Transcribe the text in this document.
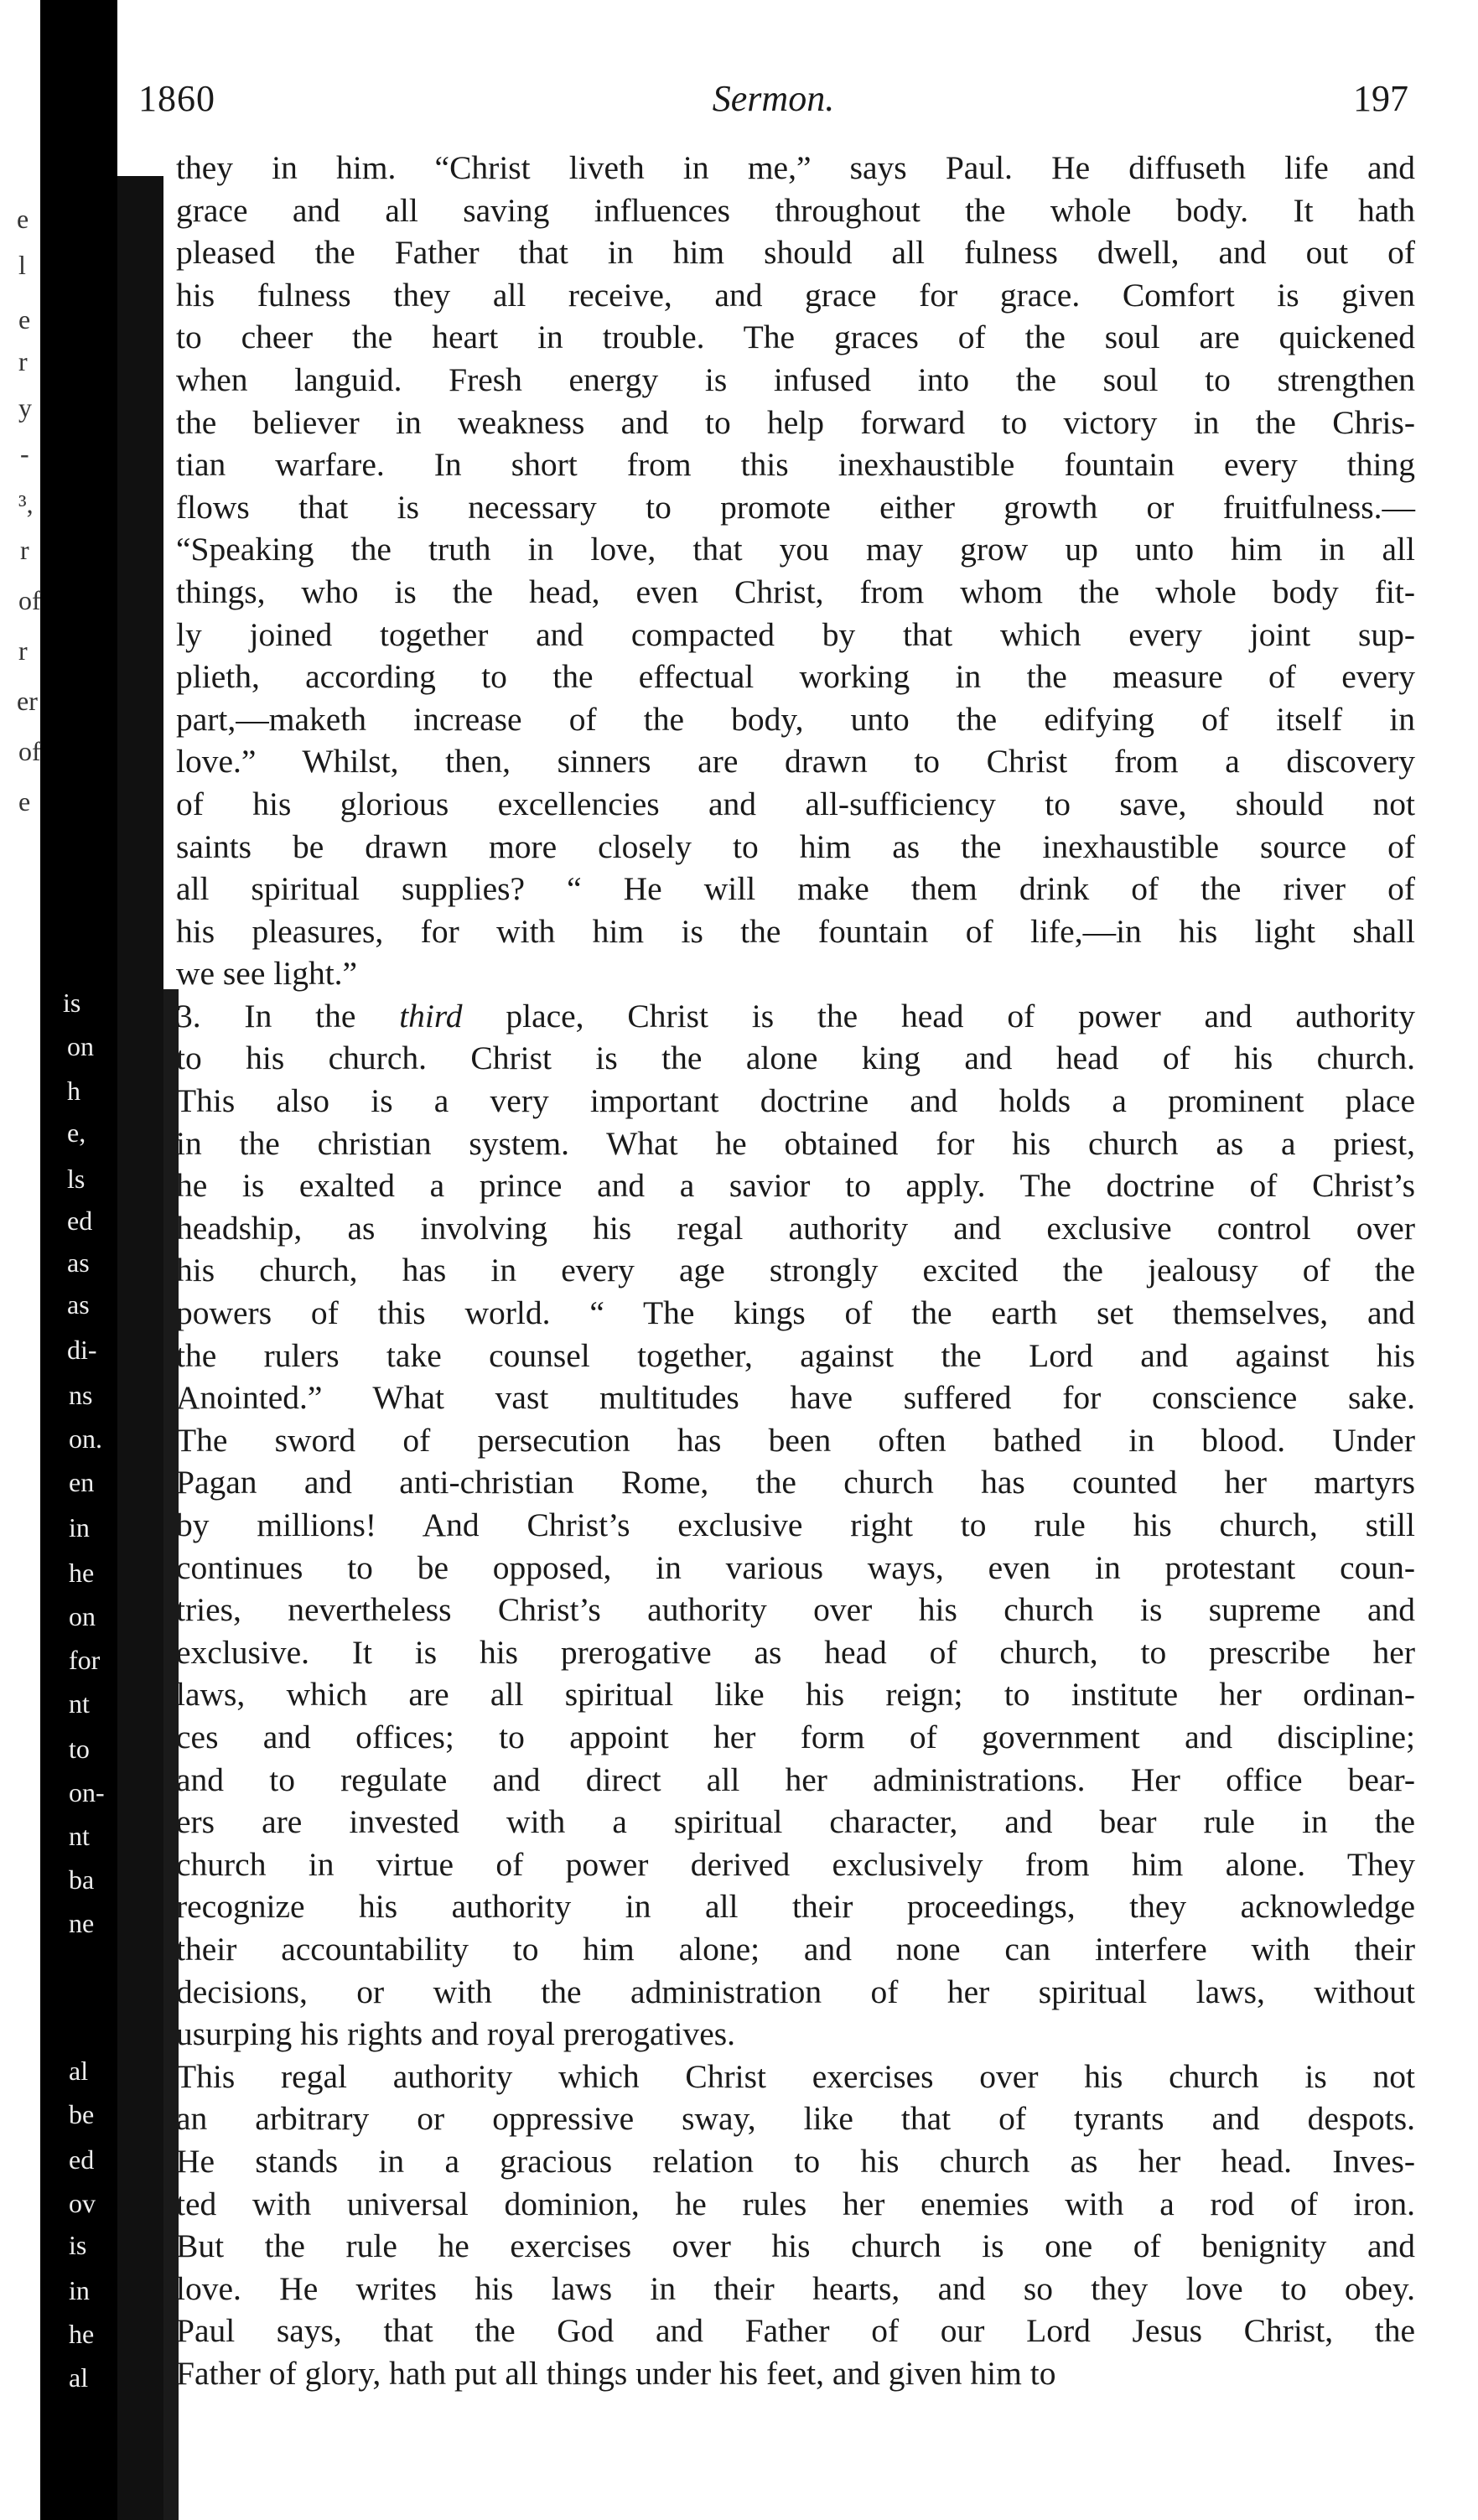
e
l
e
r
y
-
³,
r
of
r
er
of
e
is
on
h
e,
ls
ed
as
as
di-
ns
on.
en
in
he
on
for
nt
to
on-
nt
ba
ne
al
be
ed
ov
is
in
he
al
1860	Sermon.	197
they in him. “Christ liveth in me,” says Paul. He diffuseth life and
grace and all saving influences throughout the whole body. It hath
pleased the Father that in him should all fulness dwell, and out of
his fulness they all receive, and grace for grace. Comfort is given
to cheer the heart in trouble. The graces of the soul are quickened
when languid. Fresh energy is infused into the soul to strengthen
the believer in weakness and to help forward to victory in the Chris-
tian warfare. In short from this inexhaustible fountain every thing
flows that is necessary to promote either growth or fruitfulness.—
“Speaking the truth in love, that you may grow up unto him in all
things, who is the head, even Christ, from whom the whole body fit-
ly joined together and compacted by that which every joint sup-
plieth, according to the effectual working in the measure of every
part,—maketh increase of the body, unto the edifying of itself in
love.” Whilst, then, sinners are drawn to Christ from a discovery
of his glorious excellencies and all-sufficiency to save, should not
saints be drawn more closely to him as the inexhaustible source of
all spiritual supplies? “ He will make them drink of the river of
his pleasures, for with him is the fountain of life,—in his light shall
we see light.”
3. In the third place, Christ is the head of power and authority
to his church. Christ is the alone king and head of his church.
This also is a very important doctrine and holds a prominent place
in the christian system. What he obtained for his church as a priest,
he is exalted a prince and a savior to apply. The doctrine of Christ’s
headship, as involving his regal authority and exclusive control over
his church, has in every age strongly excited the jealousy of the
powers of this world. “ The kings of the earth set themselves, and
the rulers take counsel together, against the Lord and against his
Anointed.” What vast multitudes have suffered for conscience sake.
The sword of persecution has been often bathed in blood. Under
Pagan and anti-christian Rome, the church has counted her martyrs
by millions! And Christ’s exclusive right to rule his church, still
continues to be opposed, in various ways, even in protestant coun-
tries, nevertheless Christ’s authority over his church is supreme and
exclusive. It is his prerogative as head of church, to prescribe her
laws, which are all spiritual like his reign; to institute her ordinan-
ces and offices; to appoint her form of government and discipline;
and to regulate and direct all her administrations. Her office bear-
ers are invested with a spiritual character, and bear rule in the
church in virtue of power derived exclusively from him alone. They
recognize his authority in all their proceedings, they acknowledge
their accountability to him alone; and none can interfere with their
decisions, or with the administration of her spiritual laws, without
usurping his rights and royal prerogatives.
This regal authority which Christ exercises over his church is not
an arbitrary or oppressive sway, like that of tyrants and despots.
He stands in a gracious relation to his church as her head. Inves-
ted with universal dominion, he rules her enemies with a rod of iron.
But the rule he exercises over his church is one of benignity and
love. He writes his laws in their hearts, and so they love to obey.
Paul says, that the God and Father of our Lord Jesus Christ, the
Father of glory, hath put all things under his feet, and given him to
